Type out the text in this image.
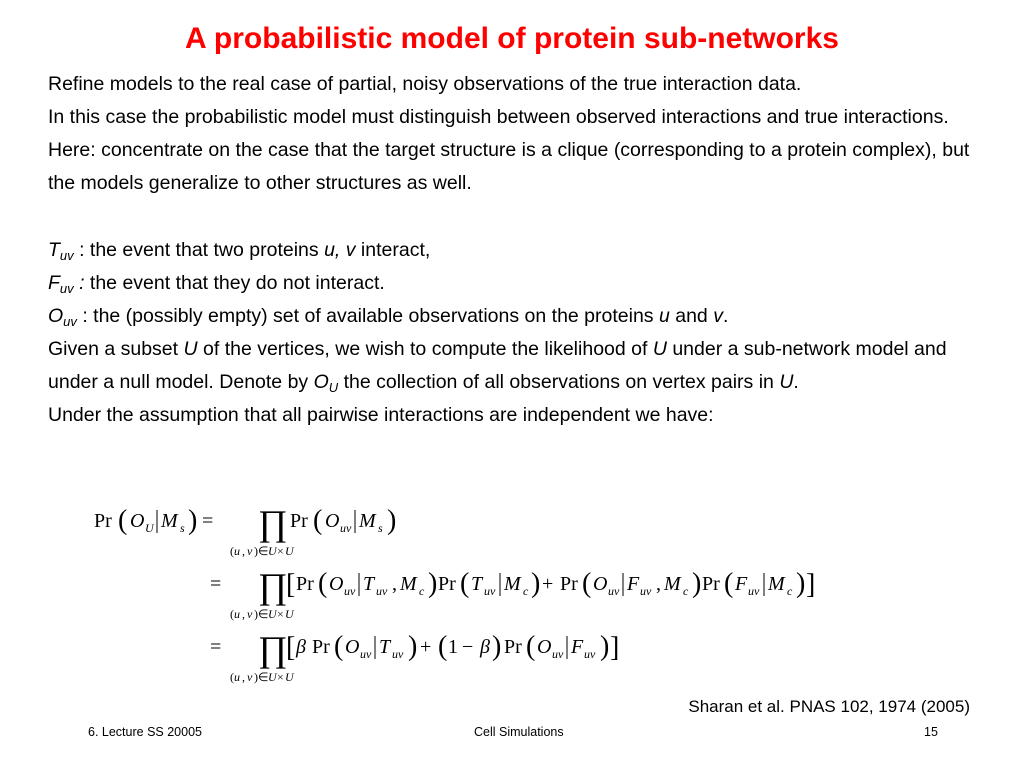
A probabilistic model of protein sub-networks

Refine models to the real case of partial, noisy observations of the true interaction data.

In this case the probabilistic model must distinguish between observed interactions and true interactions.

Here: concentrate on the case that the target structure is a clique (corresponding to a protein complex), but the models generalize to other structures as well.

$T_{uv}$ : the event that two proteins u, v interact,

$F_{uv}$ : the event that they do not interact.

$O_{uv}$ : the (possibly empty) set of available observations on the proteins u and v.

Given a subset U of the vertices, we wish to compute the likelihood of U under a sub-network model and under a null model. Denote by $O_U$ the collection of all observations on vertex pairs in U.

Under the assumption that all pairwise interactions are independent we have:

Pr ( O U M s ) = ∏
( u , v )∈ U × U
Pr ( O uv M s )
= ∏
( u , v )∈ U × U
[ Pr ( O uv T uv , M c ) Pr ( T uv M c ) + Pr ( O uv F uv , M c ) Pr ( F uv M c ) ]
= ∏
( u , v )∈ U × U
[ β Pr ( O uv T uv ) + ( 1 − β ) Pr ( O uv F uv ) ]
Sharan et al. PNAS 102, 1974 (2005)
6. Lecture SS 20005	Cell Simulations	15
